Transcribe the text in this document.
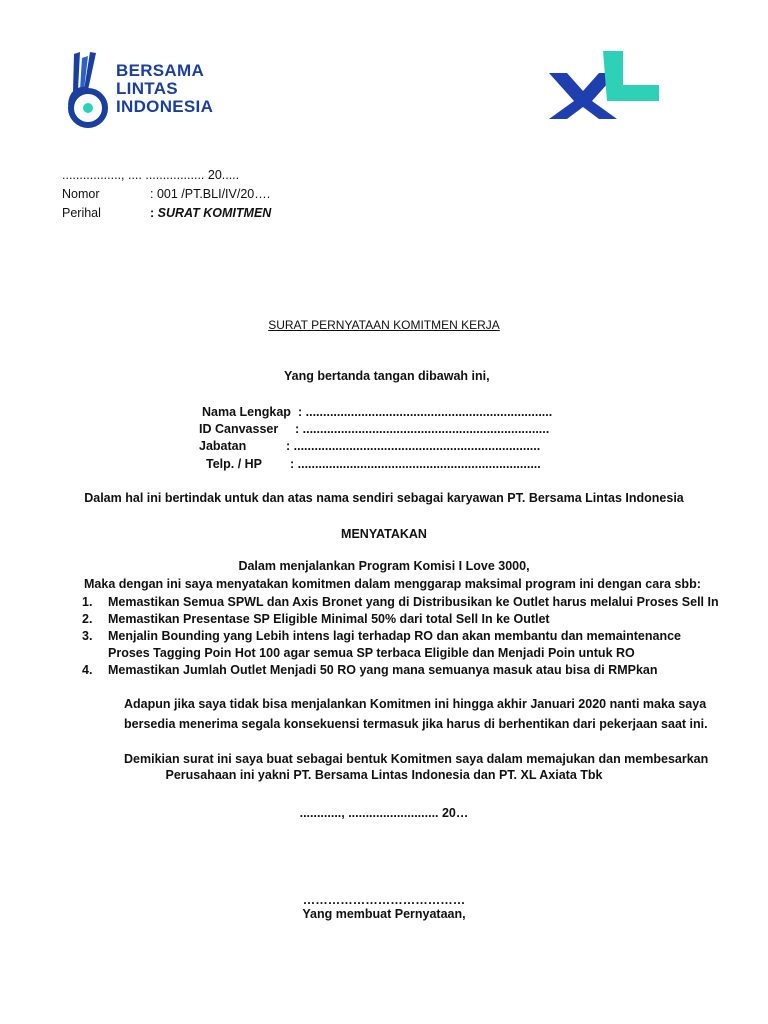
BERSAMA
LINTAS
INDONESIA
................., .... ................. 20.....
Nomor	: 001 /PT.BLI/IV/20….
Perihal	: SURAT KOMITMEN
SURAT PERNYATAAN KOMITMEN KERJA
Yang bertanda tangan dibawah ini,
Nama Lengkap : .......................................................................
ID Canvasser : .......................................................................
Jabatan	: .......................................................................
Telp. / HP : ......................................................................
Dalam hal ini bertindak untuk dan atas nama sendiri sebagai karyawan PT. Bersama Lintas Indonesia
MENYATAKAN
Dalam menjalankan Program Komisi I Love 3000,
Maka dengan ini saya menyatakan komitmen dalam menggarap maksimal program ini dengan cara sbb:
1. Memastikan Semua SPWL dan Axis Bronet yang di Distribusikan ke Outlet harus melalui Proses Sell In
2. Memastikan Presentase SP Eligible Minimal 50% dari total Sell In ke Outlet
3. Menjalin Bounding yang Lebih intens lagi terhadap RO dan akan membantu dan memaintenance Proses Tagging Poin Hot 100 agar semua SP terbaca Eligible dan Menjadi Poin untuk RO
4. Memastikan Jumlah Outlet Menjadi 50 RO yang mana semuanya masuk atau bisa di RMPkan
Adapun jika saya tidak bisa menjalankan Komitmen ini hingga akhir Januari 2020 nanti maka saya
bersedia menerima segala konsekuensi termasuk jika harus di berhentikan dari pekerjaan saat ini.
Demikian surat ini saya buat sebagai bentuk Komitmen saya dalam memajukan dan membesarkan
Perusahaan ini yakni PT. Bersama Lintas Indonesia dan PT. XL Axiata Tbk
............, .......................... 20…
…………………………………
Yang membuat Pernyataan,
